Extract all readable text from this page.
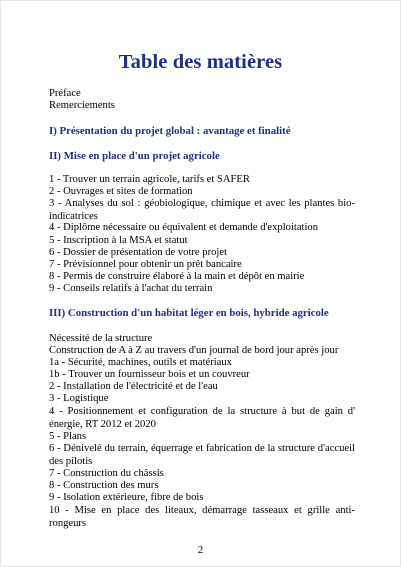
Table des matières
Préface
Remerciements
I) Présentation du projet global : avantage et finalité
II) Mise en place d'un projet agricole
1 - Trouver un terrain agricole, tarifs et SAFER
2 - Ouvrages et sites de formation
3 - Analyses du sol : géobiologique, chimique et avec les plantes bio-indicatrices
4 - Diplôme nécessaire ou équivalent et demande d'exploitation
5 - Inscription à la MSA et statut
6 - Dossier de présentation de votre projet
7 - Prévisionnel pour obtenir un prêt bancaire
8 - Permis de construire élaboré à la main et dépôt en mairie
9 - Conseils relatifs à l'achat du terrain
III) Construction d'un habitat léger en bois, hybride agricole
Nécessité de la structure
Construction de A à Z au travers d'un journal de bord jour après jour
1a - Sécurité, machines, outils et matériaux
1b - Trouver un fournisseur bois et un couvreur
2 - Installation de l'électricité et de l'eau
3 - Logistique
4 - Positionnement et configuration de la structure à but de gain d' énergie, RT 2012 et 2020
5 - Plans
6 - Dénivelé du terrain, équerrage et fabrication de la structure d'accueil des pilotis
7 - Construction du châssis
8 - Construction des murs
9 - Isolation extérieure, fibre de bois
10 - Mise en place des liteaux, démarrage tasseaux et grille anti-rongeurs
2
